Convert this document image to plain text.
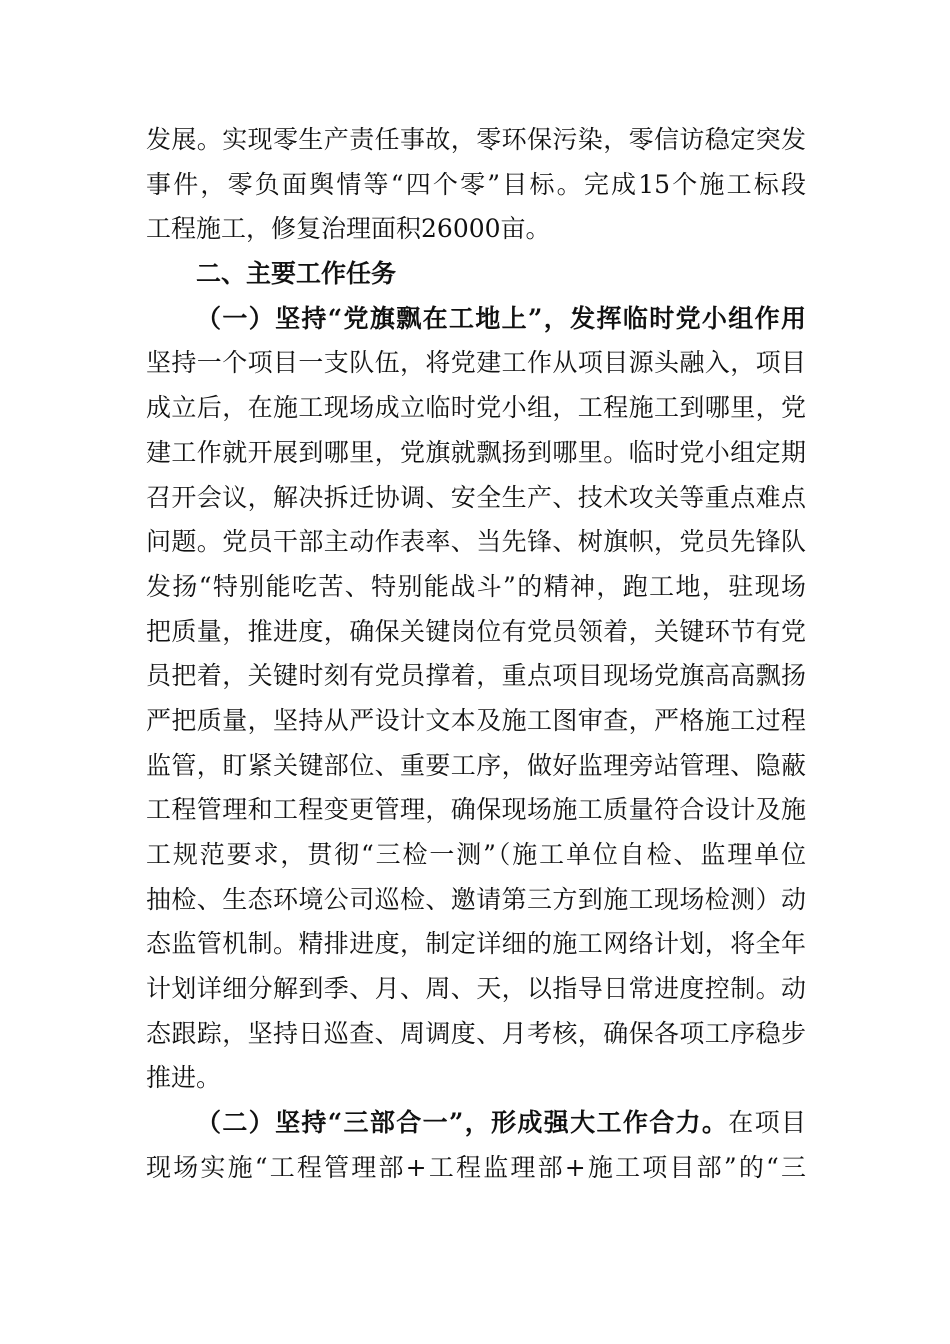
发展。实现零生产责任事故，零环保污染，零信访稳定突发
事件，零负面舆情等“四个零”目标。完成15个施工标段
工程施工，修复治理面积26000亩。
二、主要工作任务
（一）坚持“党旗飘在工地上”，发挥临时党小组作用
坚持一个项目一支队伍，将党建工作从项目源头融入，项目
成立后，在施工现场成立临时党小组，工程施工到哪里，党
建工作就开展到哪里，党旗就飘扬到哪里。临时党小组定期
召开会议，解决拆迁协调、安全生产、技术攻关等重点难点
问题。党员干部主动作表率、当先锋、树旗帜，党员先锋队
发扬“特别能吃苦、特别能战斗”的精神，跑工地，驻现场
把质量，推进度，确保关键岗位有党员领着，关键环节有党
员把着，关键时刻有党员撑着，重点项目现场党旗高高飘扬
严把质量，坚持从严设计文本及施工图审查，严格施工过程
监管，盯紧关键部位、重要工序，做好监理旁站管理、隐蔽
工程管理和工程变更管理，确保现场施工质量符合设计及施
工规范要求，贯彻“三检一测”（施工单位自检、监理单位
抽检、生态环境公司巡检、邀请第三方到施工现场检测）动
态监管机制。精排进度，制定详细的施工网络计划，将全年
计划详细分解到季、月、周、天，以指导日常进度控制。动
态跟踪，坚持日巡查、周调度、月考核，确保各项工序稳步
推进。
（二）坚持“三部合一”，形成强大工作合力。在项目
现场实施“工程管理部+工程监理部+施工项目部”的“三
